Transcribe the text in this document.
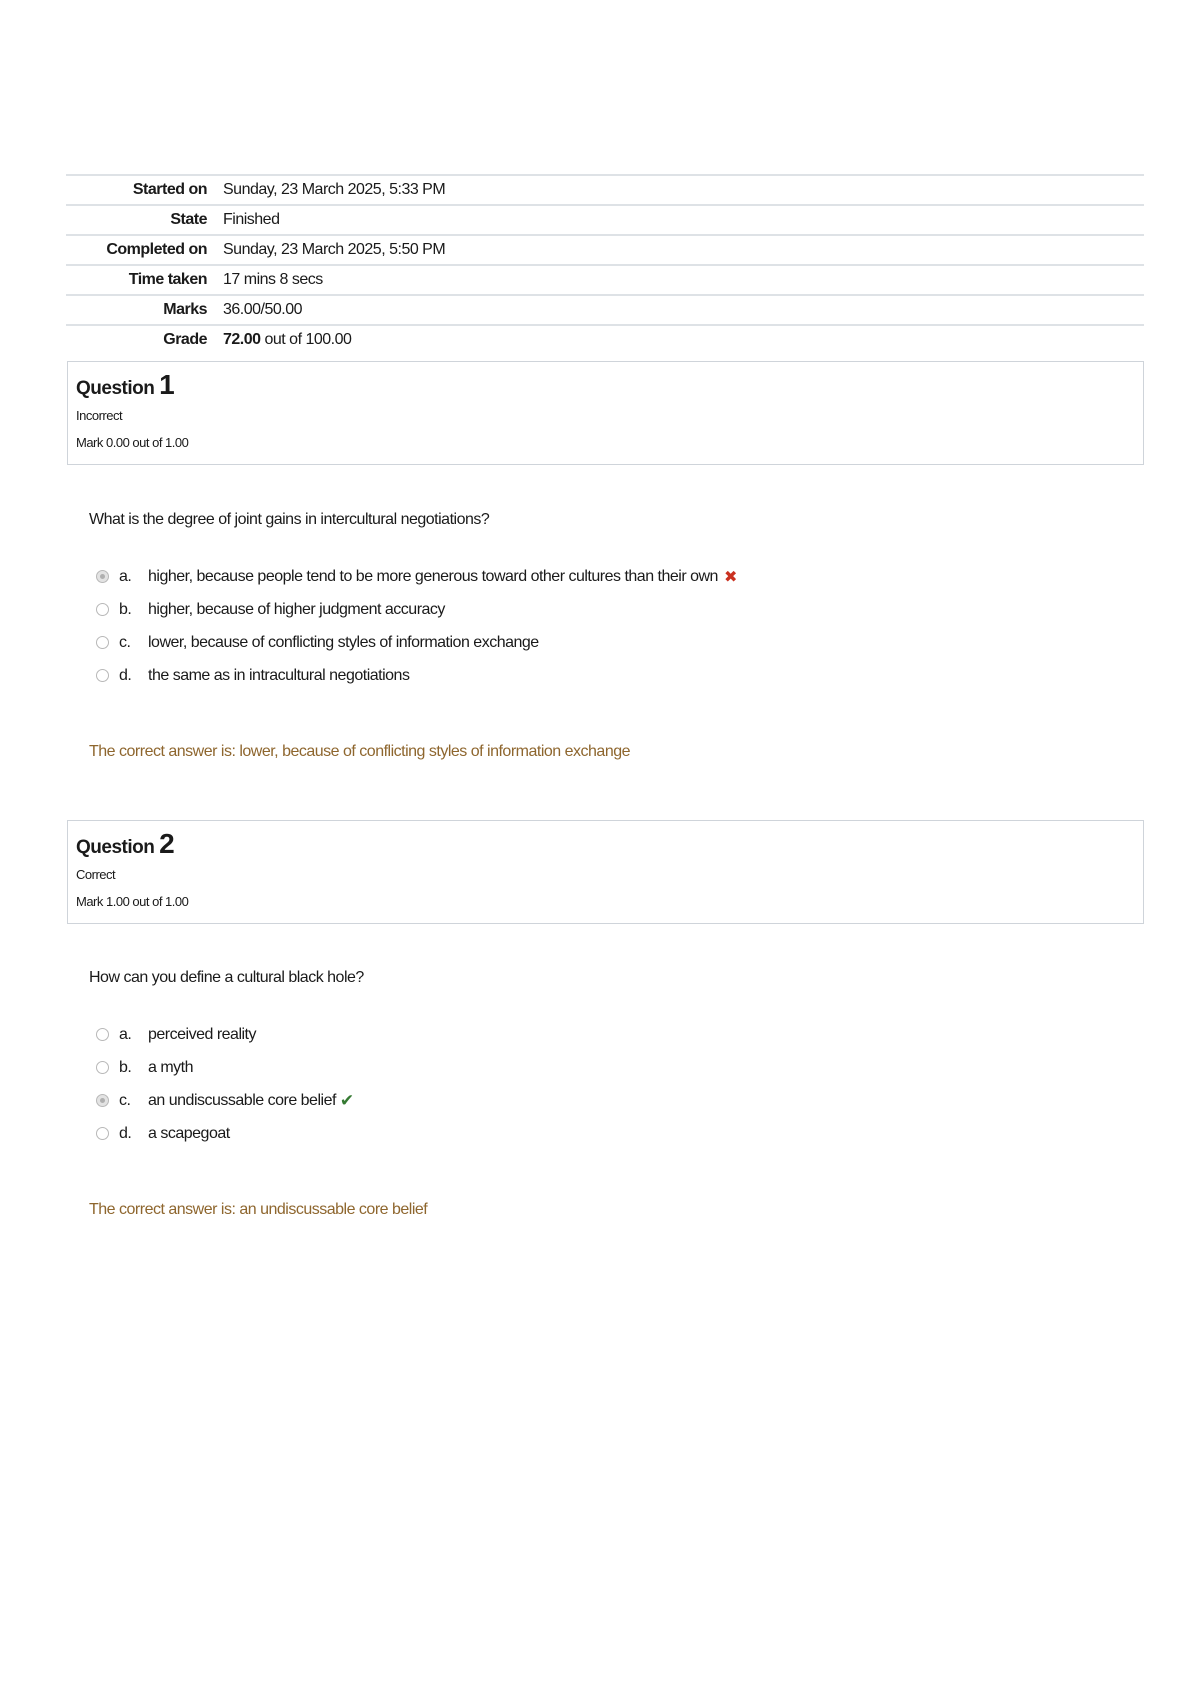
Started on	Sunday, 23 March 2025, 5:33 PM
State	Finished
Completed on	Sunday, 23 March 2025, 5:50 PM
Time taken	17 mins 8 secs
Marks	36.00/50.00
Grade	72.00 out of 100.00
Question 1
Incorrect
Mark 0.00 out of 1.00
What is the degree of joint gains in intercultural negotiations?
a.	higher, because people tend to be more generous toward other cultures than their own ✖
b.	higher, because of higher judgment accuracy
c.	lower, because of conflicting styles of information exchange
d.	the same as in intracultural negotiations
The correct answer is: lower, because of conflicting styles of information exchange
Question 2
Correct
Mark 1.00 out of 1.00
How can you define a cultural black hole?
a.	perceived reality
b.	a myth
c.	an undiscussable core belief ✔
d.	a scapegoat
The correct answer is: an undiscussable core belief
